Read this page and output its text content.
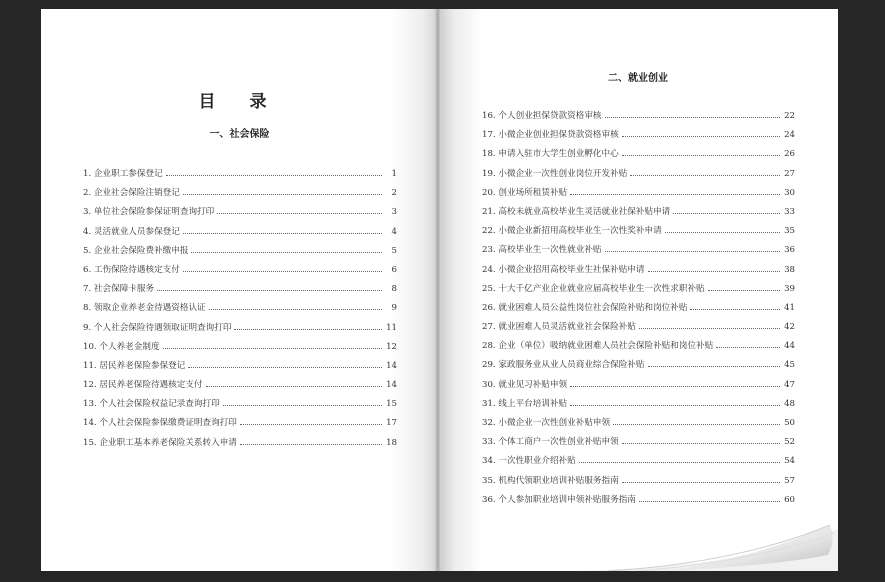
目 录
一、社会保险
二、就业创业
1. 企业职工参保登记	1
2. 企业社会保险注销登记	2
3. 单位社会保险参保证明查询打印	3
4. 灵活就业人员参保登记	4
5. 企业社会保险费补缴申报	5
6. 工伤保险待遇核定支付	6
7. 社会保障卡服务	8
8. 领取企业养老金待遇资格认证	9
9. 个人社会保险待遇领取证明查询打印	11
10. 个人养老金制度	12
11. 居民养老保险参保登记	14
12. 居民养老保险待遇核定支付	14
13. 个人社会保险权益记录查询打印	15
14. 个人社会保险参保缴费证明查询打印	17
15. 企业职工基本养老保险关系转入申请	18
16. 个人创业担保贷款资格审核	22
17. 小微企业创业担保贷款资格审核	24
18. 申请入驻市大学生创业孵化中心	26
19. 小微企业一次性创业岗位开发补贴	27
20. 创业场所租赁补贴	30
21. 高校未就业高校毕业生灵活就业社保补贴申请	33
22. 小微企业新招用高校毕业生一次性奖补申请	35
23. 高校毕业生一次性就业补贴	36
24. 小微企业招用高校毕业生社保补贴申请	38
25. 十大千亿产业企业就业应届高校毕业生一次性求职补贴	39
26. 就业困难人员公益性岗位社会保险补贴和岗位补贴	41
27. 就业困难人员灵活就业社会保险补贴	42
28. 企业（单位）吸纳就业困难人员社会保险补贴和岗位补贴	44
29. 家政服务业从业人员商业综合保险补贴	45
30. 就业见习补贴申领	47
31. 线上平台培训补贴	48
32. 小微企业一次性创业补贴申领	50
33. 个体工商户一次性创业补贴申领	52
34. 一次性职业介绍补贴	54
35. 机构代领职业培训补贴服务指南	57
36. 个人参加职业培训申领补贴服务指南	60
